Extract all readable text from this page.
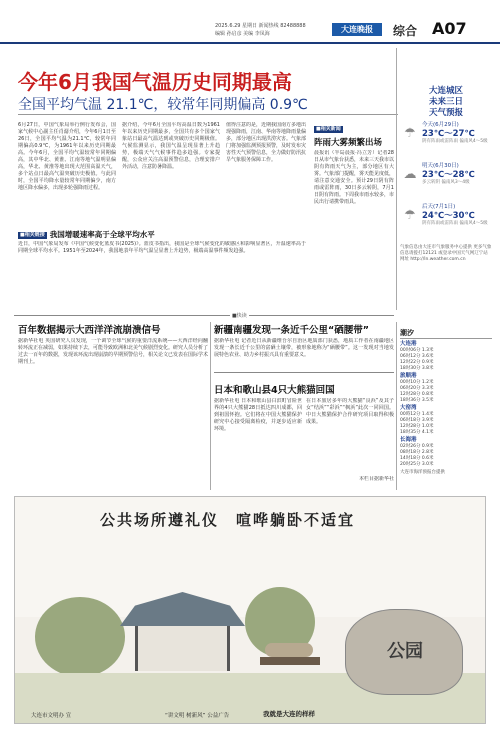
2025.6.29 星期日 新闻热线 82488888
编辑 孙启彦 美编 李凤海	大连晚报	综合 A07
今年6月我国气温历史同期最高
全国平均气温 21.1℃，较常年同期偏高 0.9℃
6月27日，中国气象局举行例行发布会，国家气候中心副主任肖潺介绍，今年6月1日至26日，全国平均气温为21.1℃，较常年同期偏高0.9℃，为1961年以来历史同期最高。今年6月，全国平均气温较常年同期偏高，其中华北、黄淮、江南等地气温明显偏高，华北、黄淮等地出现大范围高温天气，多个站点日最高气温突破历史极值。与此同时，全国平均降水量较常年同期偏少，南方地区降水偏多，出现多轮强降雨过程。
据介绍，今年6月全国平均高温日数为1961年以来历史同期最多，全国共有多个国家气象站日最高气温达到或突破历史同期极值。气候监测显示，我国气温呈现显著上升趋势，极端天气气候事件趋多趋强。专家提醒，公众应关注高温预警信息，合理安排户外活动，注意防暑降温。
值得注意的是，近期我国南方多地出现强降雨，江南、华南等地降雨量偏多，部分地区出现洪涝灾害。气象部门将加强监测预报预警，及时发布灾害性天气预警信息，全力做好防汛抗旱气象服务保障工作。
■相关链接 我国增暖速率高于全球平均水平
近日，中国气象局发布《中国气候变化蓝皮书(2025)》。蓝皮书指出，我国是全球气候变化的敏感区和影响显著区，升温速率高于同期全球平均水平。1951年至2024年，我国地表年平均气温呈显著上升趋势，极端高温事件频发趋强。
■相关新闻
阵雨大雾频繁出场
晨报讯（半岛晨报·冯立芳）记者28日从市气象台获悉，未来三天我市以阴有阵雨天气为主，部分地区有大雾。气象部门提醒，雾天能见度低，请注意交通安全。预计29日阴有阵雨或雷阵雨，30日多云转阴，7月1日阴有阵雨。下周我市雨水较多，市民出行请携带雨具。
大连城区
未来三日
天气预报
☂
今天(6月29日)
23℃～27℃
阴有阵雨或雷阵雨 偏南风4～5级
☁
明天(6月30日)
23℃～28℃
多云转阴 偏南风3～4级
☂
后天(7月1日)
24℃～30℃
阴有阵雨或雷阵雨 偏南风4～5级
气象信息由大连市气象服务中心提供 更多气象信息请拨打12121 或登录中国天气网辽宁站 网址 http://ln.weather.com.cn
■快读
百年数据揭示大西洋洋流崩溃信号
据新华社电 英国研究人员发现，一个调节全球气候的重要洋流系统——大西洋经向翻转环流正在减弱，如果持续下去，可能导致欧洲和北美气候剧烈变化。研究人员分析了过去一百年的数据，发现该环流出现崩溃的早期预警信号，相关论文已发表在国际学术期刊上。
新疆南疆发现一条近千公里“硒腰带”
据新华社电 记者近日从新疆维吾尔自治区地质部门获悉，地质工作者在南疆地区发现一条长近千公里的富硒土壤带，被形象地称为“硒腰带”。这一发现对当地发展特色农业、助力乡村振兴具有重要意义。
日本和歌山县4只大熊猫回国
据新华社电 日本和歌山县白滨町冒险世界的4只大熊猫28日抵达四川成都，回到祖国怀抱。它们将在中国大熊猫保护研究中心接受隔离检疫，并逐步适应新环境。
在日本旅居多年的大熊猫“良浜”及其子女“结浜”“彩浜”“枫浜”此次一同回国。中日大熊猫保护合作研究项目取得积极成果。
本栏目据新华社
潮汐
大连港
00时06分 1.3米
06时12分 3.6米
12时22分 0.9米
18时30分 3.8米
旅顺港
00时10分 1.2米
06时20分 3.3米
12时28分 0.8米
18时36分 3.5米
大窑湾
00時12分 1.4米
06时18分 3.9米
12时28分 1.0米
18时35分 4.1米
长海港
02时26分 0.9米
08时18分 2.8米
14时18分 0.6米
20时25分 3.0米
大连市海洋预报台提供
公共场所遵礼仪　喧哗躺卧不适宜
公园
大连市文明办 宣	“讲文明 树新风” 公益广告	我就是大连的样样
